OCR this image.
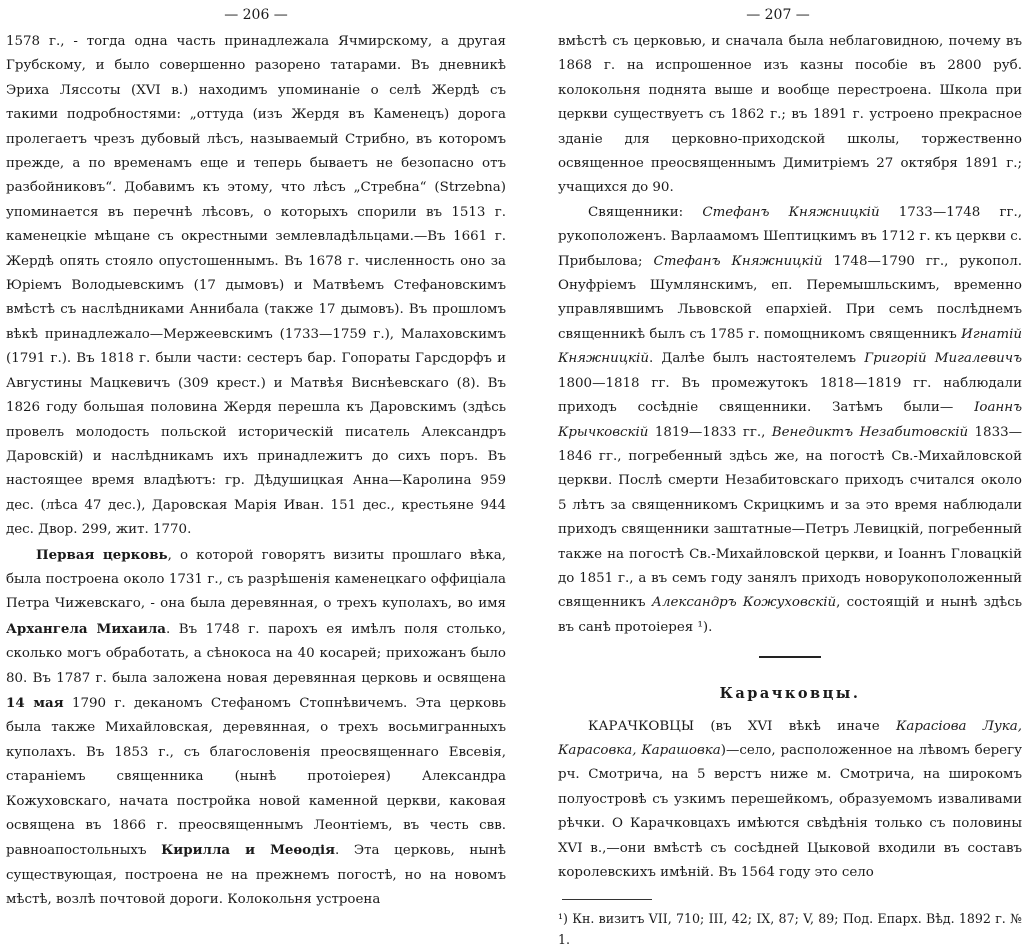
— 206 —

1578 г., - тогда одна часть принадлежала Ячмирскому, а другая Грубскому, и было совершенно разорено татарами. Въ дневникѣ Эриха Лясcоты (XVI в.) находимъ упоминаніе о селѣ Жердѣ съ такими подробностями: „оттуда (изъ Жердя въ Каменецъ) дорога пролегаетъ чрезъ дубовый лѣсъ, называемый Стрибно, въ которомъ прежде, а по временамъ еще и теперь бываетъ не безопасно отъ разбойниковъ“. Добавимъ къ этому, что лѣсъ „Стребна“ (Strzebna) упоминается въ перечнѣ лѣсовъ, о которыхъ спорили въ 1513 г. каменецкіе мѣщане съ окрестными землевладѣльцами.—Въ 1661 г. Жердѣ опять стояло опустошеннымъ. Въ 1678 г. численность оно за Юріемъ Володыевскимъ (17 дымовъ) и Матвѣемъ Стефановскимъ вмѣстѣ съ наслѣдниками Аннибала (также 17 дымовъ). Въ прошломъ вѣкѣ принадлежало—Мержеевскимъ (1733—1759 г.), Малаховскимъ (1791 г.). Въ 1818 г. были части: сестеръ бар. Гопораты Гарсдорфъ и Августины Мацкевичъ (309 крест.) и Матвѣя Виснѣевскаго (8). Въ 1826 году большая половина Жердя перешла къ Даровскимъ (здѣсь провелъ молодость польской историческій писатель Александръ Даровскій) и наслѣдникамъ ихъ принадлежитъ до сихъ поръ. Въ настоящее время владѣютъ: гр. Дѣдушицкая Анна—Каролина 959 дес. (лѣса 47 дес.), Даровская Марія Иван. 151 дес., крестьяне 944 дес. Двор. 299, жит. 1770.

Первая церковь, о которой говорятъ визиты прошлаго вѣка, была построена около 1731 г., съ разрѣшенія каменецкаго оффиціала Петра Чижевскаго, - она была деревянная, о трехъ куполахъ, во имя Архангела Михаила. Въ 1748 г. парохъ ея имѣлъ поля столько, сколько могъ обработать, а сѣнокоса на 40 косарей; прихожанъ было 80. Въ 1787 г. была заложена новая деревянная церковь и освящена 14 мая 1790 г. деканомъ Стефаномъ Стопнѣвичемъ. Эта церковь была также Михайловская, деревянная, о трехъ восьмигранныхъ куполахъ. Въ 1853 г., съ благословенія преосвященнаго Евсевія, стараніемъ священника (нынѣ протоіерея) Александра Кожуховскаго, начата постройка новой каменной церкви, каковая освящена въ 1866 г. преосвященнымъ Леонтіемъ, въ честь свв. равноапостольныхъ Кирилла и Меѳодія. Эта церковь, нынѣ существующая, построена не на прежнемъ погостѣ, но на новомъ мѣстѣ, возлѣ почтовой дороги. Колокольня устроена

— 207 —

вмѣстѣ съ церковью, и сначала была неблаговидною, почему въ 1868 г. на испрошенное изъ казны пособіе въ 2800 руб. колокольня поднята выше и вообще перестроена. Школа при церкви существуетъ съ 1862 г.; въ 1891 г. устроено прекрасное зданіе для церковно-приходской школы, торжественно освященное преосвященнымъ Димитріемъ 27 октября 1891 г.; учащихся до 90.

Священники: Стефанъ Княжницкій 1733—1748 гг., рукоположенъ. Варлаамомъ Шептицкимъ въ 1712 г. къ церкви с. Прибылова; Стефанъ Княжницкій 1748—1790 гг., рукопол. Онуфріемъ Шумлянскимъ, еп. Перемышльскимъ, временно управлявшимъ Львовской епархіей. При семъ послѣднемъ священникѣ былъ съ 1785 г. помощникомъ священникъ Игнатій Княжницкій. Далѣе былъ настоятелемъ Григорій Мигалевичъ 1800—1818 гг. Въ промежутокъ 1818—1819 гг. наблюдали приходъ сосѣдніе священники. Затѣмъ были— Іоаннъ Крычковскій 1819—1833 гг., Венедиктъ Незабитовскій 1833—1846 гг., погребенный здѣсь же, на погостѣ Св.-Михайловской церкви. Послѣ смерти Незабитовскаго приходъ считался около 5 лѣтъ за священникомъ Скрицкимъ и за это время наблюдали приходъ священники заштатные—Петръ Левицкій, погребенный также на погостѣ Св.-Михайловской церкви, и Іоаннъ Гловацкій до 1851 г., а въ семъ году занялъ приходъ новорукоположенный священникъ Александръ Кожуховскій, состоящій и нынѣ здѣсь въ санѣ протоіерея ¹).

Карачковцы.

КАРАЧКОВЦЫ (въ XVI вѣкѣ иначе Карасіова Лука, Карасовка, Карашовка)—село, расположенное на лѣвомъ берегу рч. Смотрича, на 5 верстъ ниже м. Смотрича, на широкомъ полуостровѣ съ узкимъ перешейкомъ, образуемомъ изваливами рѣчки. О Карачковцахъ имѣются свѣдѣнія только съ половины XVI в.,—они вмѣстѣ съ сосѣдней Цыковой входили въ составъ королевскихъ имѣній. Въ 1564 году это село

¹) Кн. визитъ VII, 710; III, 42; IX, 87; V, 89; Под. Епарх. Вѣд. 1892 г. № 1.
